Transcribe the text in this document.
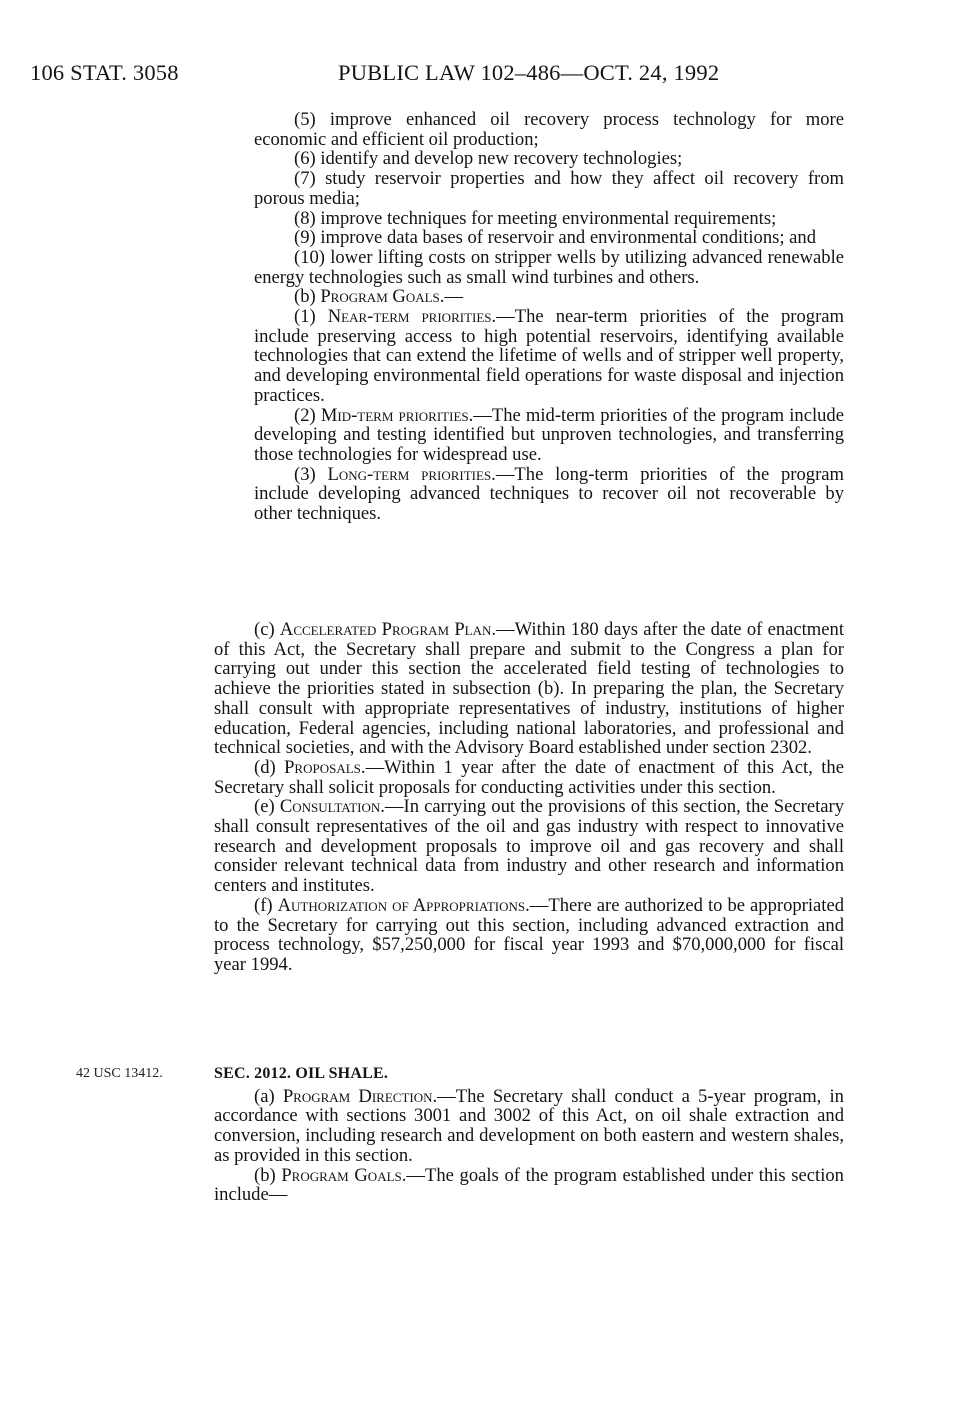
106 STAT. 3058	PUBLIC LAW 102–486—OCT. 24, 1992

(5) improve enhanced oil recovery process technology for more economic and efficient oil production;

(6) identify and develop new recovery technologies;

(7) study reservoir properties and how they affect oil recovery from porous media;

(8) improve techniques for meeting environmental requirements;

(9) improve data bases of reservoir and environmental conditions; and

(10) lower lifting costs on stripper wells by utilizing advanced renewable energy technologies such as small wind turbines and others.

(b) Program Goals.—

(1) Near-term priorities.—The near-term priorities of the program include preserving access to high potential reservoirs, identifying available technologies that can extend the lifetime of wells and of stripper well property, and developing environmental field operations for waste disposal and injection practices.

(2) Mid-term priorities.—The mid-term priorities of the program include developing and testing identified but unproven technologies, and transferring those technologies for widespread use.

(3) Long-term priorities.—The long-term priorities of the program include developing advanced techniques to recover oil not recoverable by other techniques.

(c) Accelerated Program Plan.—Within 180 days after the date of enactment of this Act, the Secretary shall prepare and submit to the Congress a plan for carrying out under this section the accelerated field testing of technologies to achieve the priorities stated in subsection (b). In preparing the plan, the Secretary shall consult with appropriate representatives of industry, institutions of higher education, Federal agencies, including national laboratories, and professional and technical societies, and with the Advisory Board established under section 2302.

(d) Proposals.—Within 1 year after the date of enactment of this Act, the Secretary shall solicit proposals for conducting activities under this section.

(e) Consultation.—In carrying out the provisions of this section, the Secretary shall consult representatives of the oil and gas industry with respect to innovative research and development proposals to improve oil and gas recovery and shall consider relevant technical data from industry and other research and information centers and institutes.

(f) Authorization of Appropriations.—There are authorized to be appropriated to the Secretary for carrying out this section, including advanced extraction and process technology, $57,250,000 for fiscal year 1993 and $70,000,000 for fiscal year 1994.

42 USC 13412.	SEC. 2012. OIL SHALE.

(a) Program Direction.—The Secretary shall conduct a 5-year program, in accordance with sections 3001 and 3002 of this Act, on oil shale extraction and conversion, including research and development on both eastern and western shales, as provided in this section.

(b) Program Goals.—The goals of the program established under this section include—
